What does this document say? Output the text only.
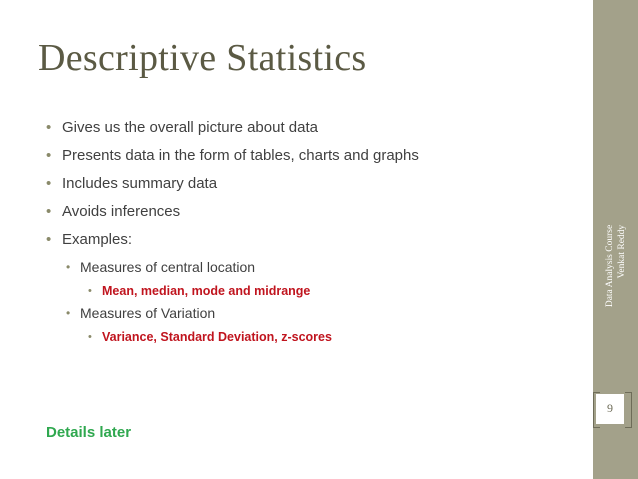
Descriptive Statistics
• Gives us the overall picture about data
• Presents data in the form of tables, charts and graphs
• Includes summary data
• Avoids inferences
• Examples:
• Measures of central location
• Mean, median, mode and midrange
• Measures of Variation
• Variance, Standard Deviation, z-scores
Details later
Data Analysis Course Venkat Reddy
9
